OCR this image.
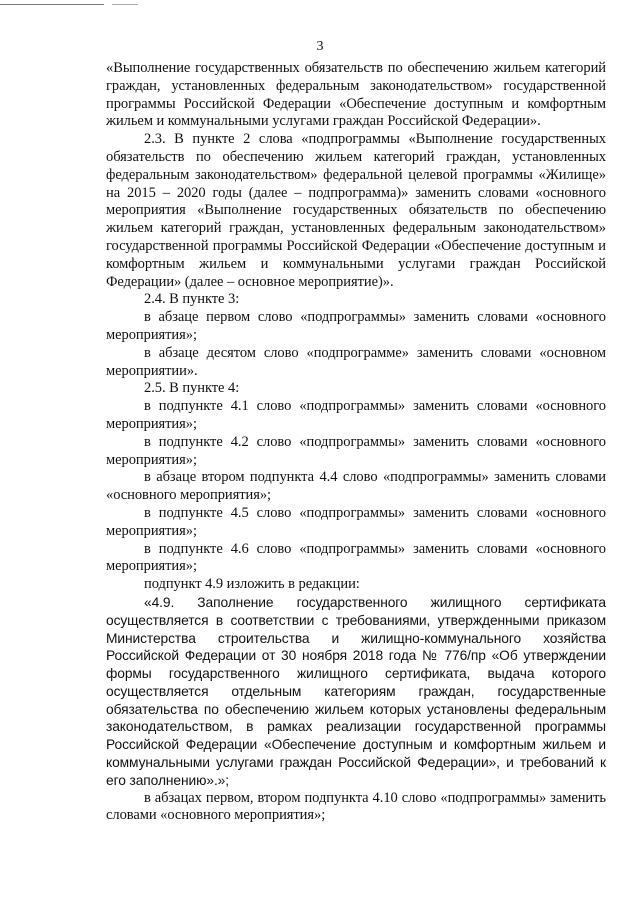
3

«Выполнение государственных обязательств по обеспечению жильем категорий граждан, установленных федеральным законодательством» государственной программы Российской Федерации «Обеспечение доступным и комфортным жильем и коммунальными услугами граждан Российской Федерации».

2.3. В пункте 2 слова «подпрограммы «Выполнение государственных обязательств по обеспечению жильем категорий граждан, установленных федеральным законодательством» федеральной целевой программы «Жилище» на 2015 – 2020 годы (далее – подпрограмма)» заменить словами «основного мероприятия «Выполнение государственных обязательств по обеспечению жильем категорий граждан, установленных федеральным законодательством» государственной программы Российской Федерации «Обеспечение доступным и комфортным жильем и коммунальными услугами граждан Российской Федерации» (далее – основное мероприятие)».

2.4. В пункте 3:

в абзаце первом слово «подпрограммы» заменить словами «основного мероприятия»;

в абзаце десятом слово «подпрограмме» заменить словами «основном мероприятии».

2.5. В пункте 4:

в подпункте 4.1 слово «подпрограммы» заменить словами «основного мероприятия»;

в подпункте 4.2 слово «подпрограммы» заменить словами «основного мероприятия»;

в абзаце втором подпункта 4.4 слово «подпрограммы» заменить словами «основного мероприятия»;

в подпункте 4.5 слово «подпрограммы» заменить словами «основного мероприятия»;

в подпункте 4.6 слово «подпрограммы» заменить словами «основного мероприятия»;

подпункт 4.9 изложить в редакции:

«4.9. Заполнение государственного жилищного сертификата осуществляется в соответствии с требованиями, утвержденными приказом Министерства строительства и жилищно-коммунального хозяйства Российской Федерации от 30 ноября 2018 года № 776/пр «Об утверждении формы государственного жилищного сертификата, выдача которого осуществляется отдельным категориям граждан, государственные обязательства по обеспечению жильем которых установлены федеральным законодательством, в рамках реализации государственной программы Российской Федерации «Обеспечение доступным и комфортным жильем и коммунальными услугами граждан Российской Федерации», и требований к его заполнению».»;

в абзацах первом, втором подпункта 4.10 слово «подпрограммы» заменить словами «основного мероприятия»;
